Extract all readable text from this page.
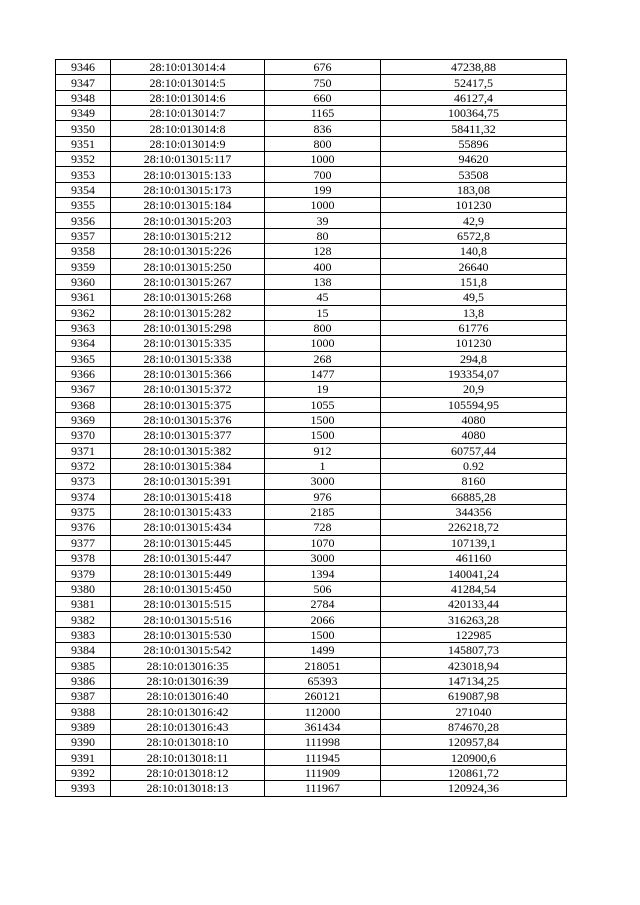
9346	28:10:013014:4	676	47238,88
9347	28:10:013014:5	750	52417,5
9348	28:10:013014:6	660	46127,4
9349	28:10:013014:7	1165	100364,75
9350	28:10:013014:8	836	58411,32
9351	28:10:013014:9	800	55896
9352	28:10:013015:117	1000	94620
9353	28:10:013015:133	700	53508
9354	28:10:013015:173	199	183,08
9355	28:10:013015:184	1000	101230
9356	28:10:013015:203	39	42,9
9357	28:10:013015:212	80	6572,8
9358	28:10:013015:226	128	140,8
9359	28:10:013015:250	400	26640
9360	28:10:013015:267	138	151,8
9361	28:10:013015:268	45	49,5
9362	28:10:013015:282	15	13,8
9363	28:10:013015:298	800	61776
9364	28:10:013015:335	1000	101230
9365	28:10:013015:338	268	294,8
9366	28:10:013015:366	1477	193354,07
9367	28:10:013015:372	19	20,9
9368	28:10:013015:375	1055	105594,95
9369	28:10:013015:376	1500	4080
9370	28:10:013015:377	1500	4080
9371	28:10:013015:382	912	60757,44
9372	28:10:013015:384	1	0.92
9373	28:10:013015:391	3000	8160
9374	28:10:013015:418	976	66885,28
9375	28:10:013015:433	2185	344356
9376	28:10:013015:434	728	226218,72
9377	28:10:013015:445	1070	107139,1
9378	28:10:013015:447	3000	461160
9379	28:10:013015:449	1394	140041,24
9380	28:10:013015:450	506	41284,54
9381	28:10:013015:515	2784	420133,44
9382	28:10:013015:516	2066	316263,28
9383	28:10:013015:530	1500	122985
9384	28:10:013015:542	1499	145807,73
9385	28:10:013016:35	218051	423018,94
9386	28:10:013016:39	65393	147134,25
9387	28:10:013016:40	260121	619087,98
9388	28:10:013016:42	112000	271040
9389	28:10:013016:43	361434	874670,28
9390	28:10:013018:10	111998	120957,84
9391	28:10:013018:11	111945	120900,6
9392	28:10:013018:12	111909	120861,72
9393	28:10:013018:13	111967	120924,36
